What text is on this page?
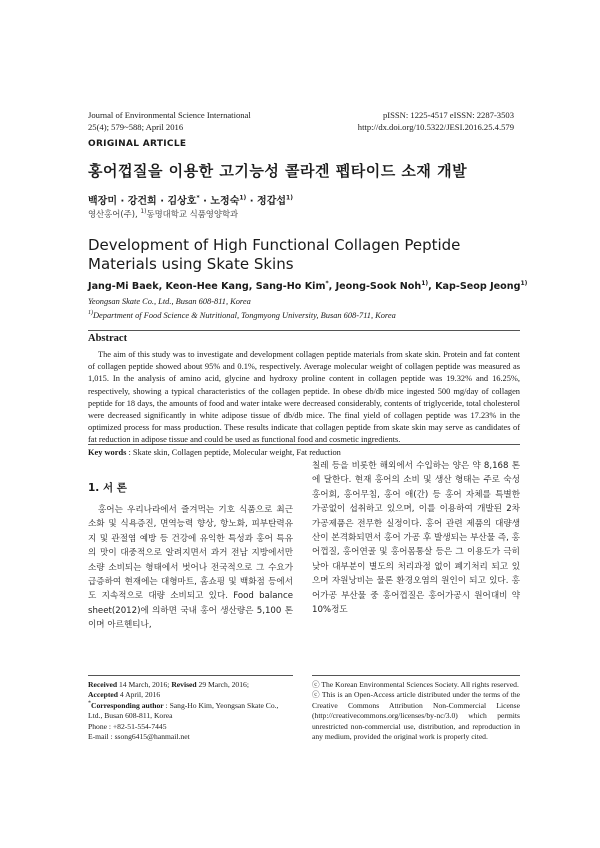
Journal of Environmental Science International
25(4); 579~588; April 2016
pISSN: 1225-4517 eISSN: 2287-3503
http://dx.doi.org/10.5322/JESI.2016.25.4.579
ORIGINAL ARTICLE
홍어껍질을 이용한 고기능성 콜라겐 펩타이드 소재 개발
백장미 · 강건희 · 김상호* · 노정숙$^{1)}$ · 정갑섭$^{1)}$
영산홍어(주), $^{1)}$동명대학교 식품영양학과
Development of High Functional Collagen Peptide Materials using Skate Skins
Jang-Mi Baek, Keon-Hee Kang, Sang-Ho Kim*, Jeong-Sook Noh$^{1)}$, Kap-Seop Jeong$^{1)}$
Yeongsan Skate Co., Ltd., Busan 608-811, Korea
$^{1)}$Department of Food Science & Nutritional, Tongmyong University, Busan 608-711, Korea
Abstract
The aim of this study was to investigate and development collagen peptide materials from skate skin. Protein and fat content of collagen peptide showed about 95% and 0.1%, respectively. Average molecular weight of collagen peptide was measured as 1,015. In the analysis of amino acid, glycine and hydroxy proline content in collagen peptide was 19.32% and 16.25%, respectively, showing a typical characteristics of the collagen peptide. In obese db/db mice ingested 500 mg/day of collagen peptide for 18 days, the amounts of food and water intake were decreased considerably, contents of triglyceride, total cholesterol were decreased significantly in white adipose tissue of db/db mice. The final yield of collagen peptide was 17.23% in the optimized process for mass production. These results indicate that collagen peptide from skate skin may serve as candidates of fat reduction in adipose tissue and could be used as functional food and cosmetic ingredients.
Key words : Skate skin, Collagen peptide, Molecular weight, Fat reduction
1. 서 론
홍어는 우리나라에서 즐겨먹는 기호 식품으로 최근 소화 및 식욕증진, 면역능력 향상, 항노화, 피부탄력유지 및 관절염 예방 등 건강에 유익한 특성과 홍어 특유의 맛이 대중적으로 알려지면서 과거 전남 지방에서만 소량 소비되는 형태에서 벗어나 전국적으로 그 수요가 급증하여 현재에는 대형마트, 홈쇼핑 및 백화점 등에서도 지속적으로 대량 소비되고 있다. Food balance sheet(2012)에 의하면 국내 홍어 생산량은 5,100 톤이며 아르헨티나,
칠레 등을 비롯한 해외에서 수입하는 양은 약 8,168 톤에 달한다. 현재 홍어의 소비 및 생산 형태는 주로 숙성홍어회, 홍어무침, 홍어 애(간) 등 홍어 자체를 특별한 가공없이 섭취하고 있으며, 이를 이용하여 개발된 2차 가공제품은 전무한 실정이다. 홍어 관련 제품의 대량생산이 본격화되면서 홍어 가공 후 발생되는 부산물 즉, 홍어껍질, 홍어연골 및 홍어몸통살 등은 그 이용도가 극히 낮아 대부분이 별도의 처리과정 없이 폐기처리 되고 있으며 자원낭비는 물론 환경오염의 원인이 되고 있다. 홍어가공 부산물 중 홍어껍질은 홍어가공시 원어대비 약 10%정도
Received 14 March, 2016; Revised 29 March, 2016;
Accepted 4 April, 2016
*Corresponding author : Sang-Ho Kim, Yeongsan Skate Co., Ltd., Busan 608-811, Korea
Phone : +82-51-554-7445
E-mail : ssong6415@hanmail.net
ⓒ The Korean Environmental Sciences Society. All rights reserved.
ⓒ This is an Open-Access article distributed under the terms of the Creative Commons Attribution Non-Commercial License (http://creativecommons.org/licenses/by-nc/3.0) which permits unrestricted non-commercial use, distribution, and reproduction in any medium, provided the original work is properly cited.
